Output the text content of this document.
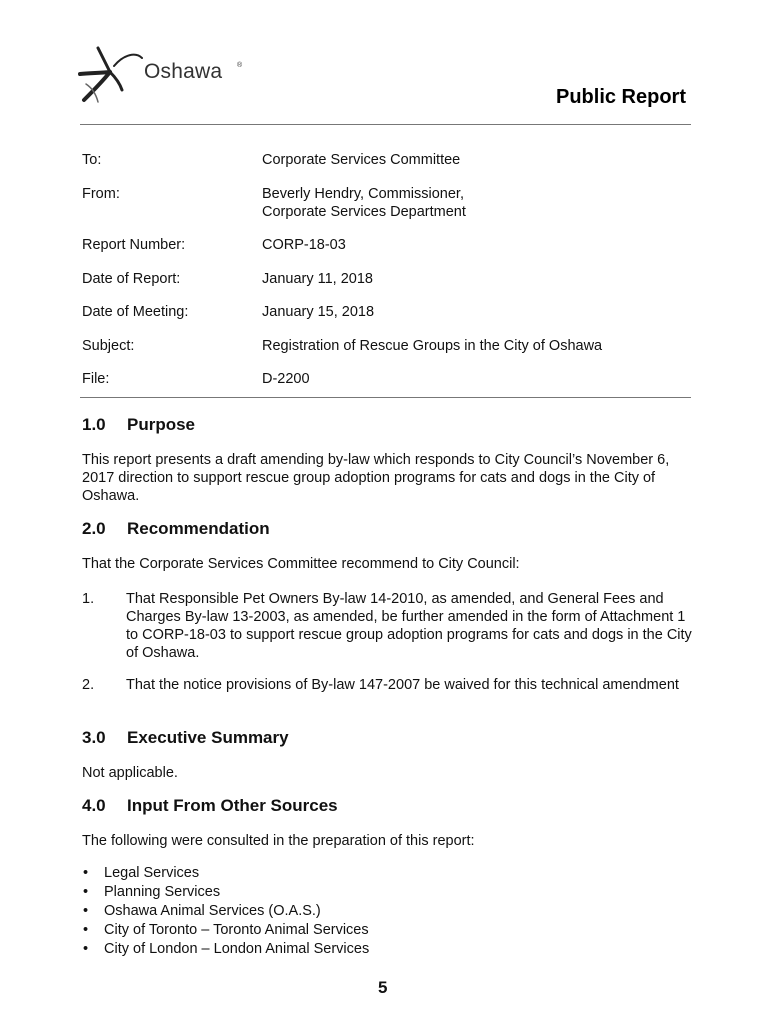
Oshawa ®
Public Report
To:	Corporate Services Committee
From:	Beverly Hendry, Commissioner,
Corporate Services Department
Report Number:	CORP-18-03
Date of Report:	January 11, 2018
Date of Meeting:	January 15, 2018
Subject:	Registration of Rescue Groups in the City of Oshawa
File:	D-2200
1.0 Purpose
This report presents a draft amending by-law which responds to City Council’s November 6, 2017 direction to support rescue group adoption programs for cats and dogs in the City of Oshawa.
2.0 Recommendation
That the Corporate Services Committee recommend to City Council:
1. That Responsible Pet Owners By-law 14-2010, as amended, and General Fees and Charges By-law 13-2003, as amended, be further amended in the form of Attachment 1 to CORP-18-03 to support rescue group adoption programs for cats and dogs in the City of Oshawa.
2. That the notice provisions of By-law 147-2007 be waived for this technical amendment
3.0 Executive Summary
Not applicable.
4.0 Input From Other Sources
The following were consulted in the preparation of this report:
• Legal Services
• Planning Services
• Oshawa Animal Services (O.A.S.)
• City of Toronto – Toronto Animal Services
• City of London – London Animal Services
5
